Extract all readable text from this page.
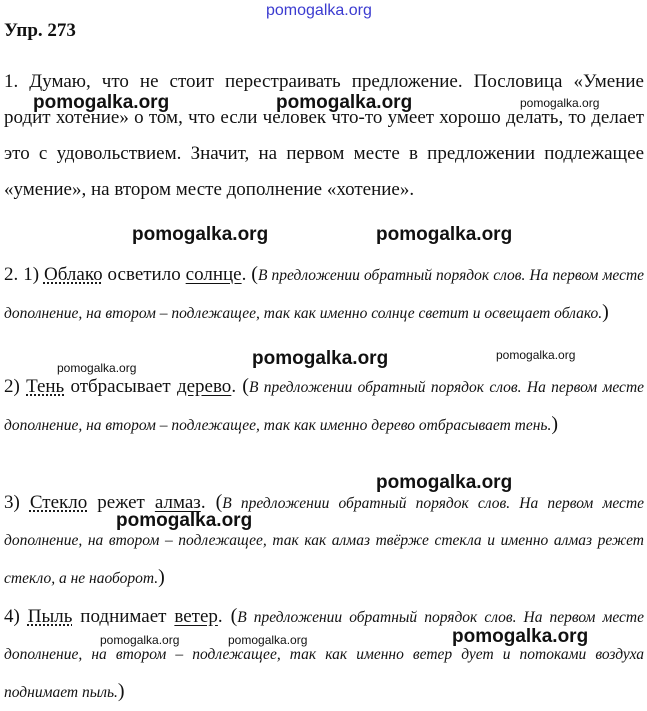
Упр. 273
1. Думаю, что не стоит перестраивать предложение. Пословица «Умение родит хотение» о том, что если человек что-то умеет хорошо делать, то делает это с удовольствием. Значит, на первом месте в предложении подлежащее «умение», на втором месте дополнение «хотение».
2. 1) Облако осветило солнце. (В предложении обратный порядок слов. На первом месте дополнение, на втором – подлежащее, так как именно солнце светит и освещает облако.)
2) Тень отбрасывает дерево. (В предложении обратный порядок слов. На первом месте дополнение, на втором – подлежащее, так как именно дерево отбрасывает тень.)
3) Стекло режет алмаз. (В предложении обратный порядок слов. На первом месте дополнение, на втором – подлежащее, так как алмаз твёрже стекла и именно алмаз режет стекло, а не наоборот.)
4) Пыль поднимает ветер. (В предложении обратный порядок слов. На первом месте дополнение, на втором – подлежащее, так как именно ветер дует и потоками воздуха поднимает пыль.)
pomogalka.org
pomogalka.org	pomogalka.org	pomogalka.org
pomogalka.org	pomogalka.org
pomogalka.org	pomogalka.org	pomogalka.org
pomogalka.org
pomogalka.org
pomogalka.org
pomogalka.org	pomogalka.org
